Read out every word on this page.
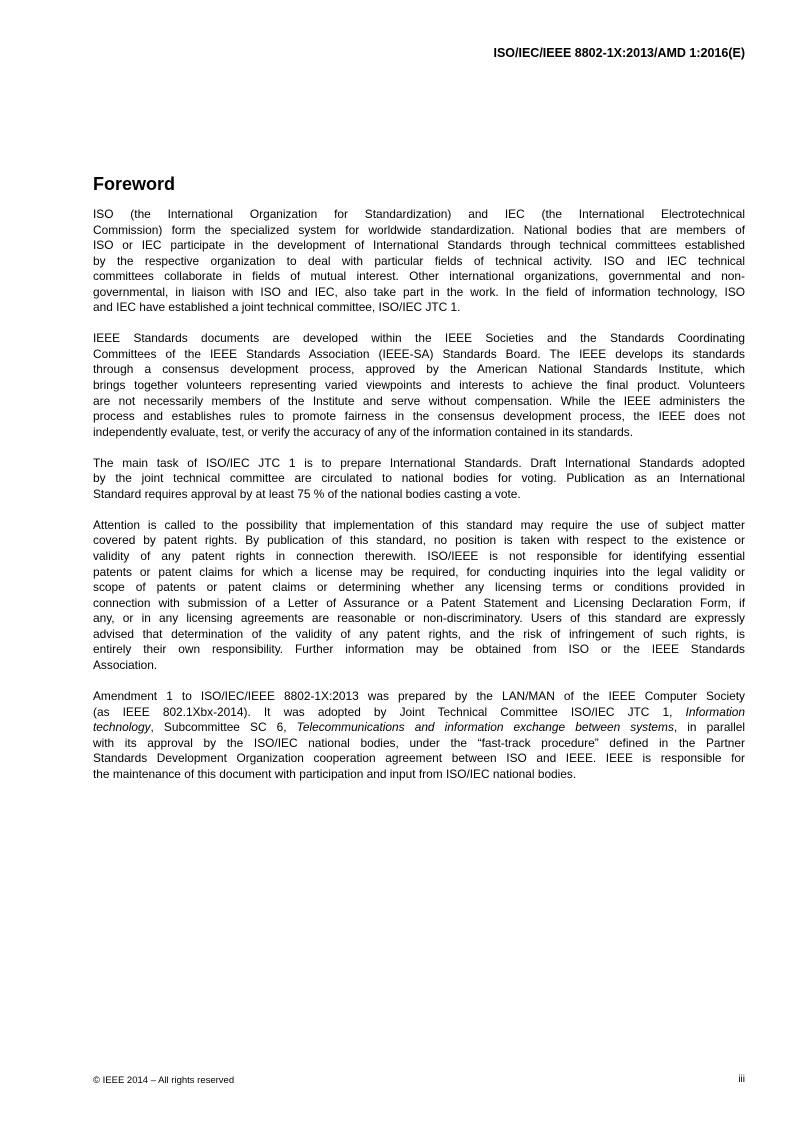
ISO/IEC/IEEE 8802-1X:2013/AMD 1:2016(E)
Foreword
ISO (the International Organization for Standardization) and IEC (the International Electrotechnical
Commission) form the specialized system for worldwide standardization. National bodies that are members of
ISO or IEC participate in the development of International Standards through technical committees established
by the respective organization to deal with particular fields of technical activity. ISO and IEC technical
committees collaborate in fields of mutual interest. Other international organizations, governmental and non-
governmental, in liaison with ISO and IEC, also take part in the work. In the field of information technology, ISO
and IEC have established a joint technical committee, ISO/IEC JTC 1.
IEEE Standards documents are developed within the IEEE Societies and the Standards Coordinating
Committees of the IEEE Standards Association (IEEE-SA) Standards Board. The IEEE develops its standards
through a consensus development process, approved by the American National Standards Institute, which
brings together volunteers representing varied viewpoints and interests to achieve the final product. Volunteers
are not necessarily members of the Institute and serve without compensation. While the IEEE administers the
process and establishes rules to promote fairness in the consensus development process, the IEEE does not
independently evaluate, test, or verify the accuracy of any of the information contained in its standards.
The main task of ISO/IEC JTC 1 is to prepare International Standards. Draft International Standards adopted
by the joint technical committee are circulated to national bodies for voting. Publication as an International
Standard requires approval by at least 75 % of the national bodies casting a vote.
Attention is called to the possibility that implementation of this standard may require the use of subject matter
covered by patent rights. By publication of this standard, no position is taken with respect to the existence or
validity of any patent rights in connection therewith. ISO/IEEE is not responsible for identifying essential
patents or patent claims for which a license may be required, for conducting inquiries into the legal validity or
scope of patents or patent claims or determining whether any licensing terms or conditions provided in
connection with submission of a Letter of Assurance or a Patent Statement and Licensing Declaration Form, if
any, or in any licensing agreements are reasonable or non-discriminatory. Users of this standard are expressly
advised that determination of the validity of any patent rights, and the risk of infringement of such rights, is
entirely their own responsibility. Further information may be obtained from ISO or the IEEE Standards
Association.
Amendment 1 to ISO/IEC/IEEE 8802-1X:2013 was prepared by the LAN/MAN of the IEEE Computer Society
(as IEEE 802.1Xbx-2014). It was adopted by Joint Technical Committee ISO/IEC JTC 1, Information
technology, Subcommittee SC 6, Telecommunications and information exchange between systems, in parallel
with its approval by the ISO/IEC national bodies, under the “fast-track procedure” defined in the Partner
Standards Development Organization cooperation agreement between ISO and IEEE. IEEE is responsible for
the maintenance of this document with participation and input from ISO/IEC national bodies.
© IEEE 2014 – All rights reserved	iii
